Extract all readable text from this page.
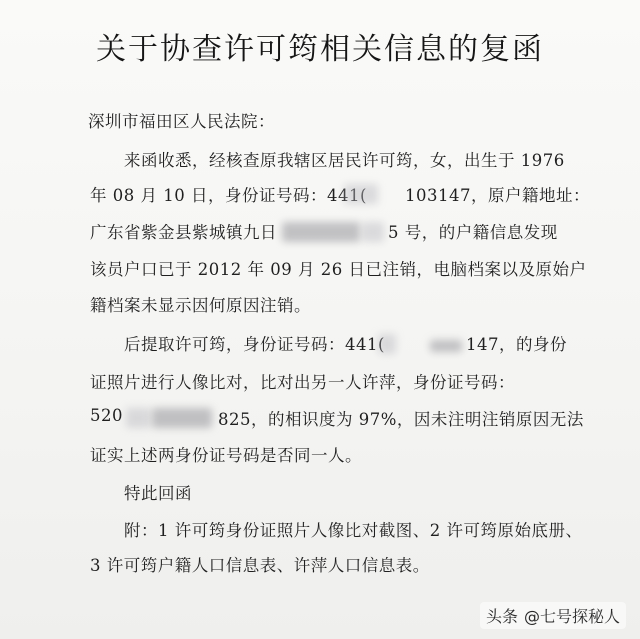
关于协查许可筠相关信息的复函
深圳市福田区人民法院：
来函收悉，经核查原我辖区居民许可筠，女，出生于 1976
年 08 月 10 日，身份证号码：441( 103147，原户籍地址：
广东省紫金县紫城镇九日	5 号，的户籍信息发现
该员户口已于 2012 年 09 月 26 日已注销，电脑档案以及原始户
籍档案未显示因何原因注销。
后提取许可筠，身份证号码：441(	147，的身份
证照片进行人像比对，比对出另一人许萍，身份证号码：
520	825，的相识度为 97%，因未注明注销原因无法
证实上述两身份证号码是否同一人。
特此回函
附：1 许可筠身份证照片人像比对截图、2 许可筠原始底册、
3 许可筠户籍人口信息表、许萍人口信息表。
头条 @七号探秘人
